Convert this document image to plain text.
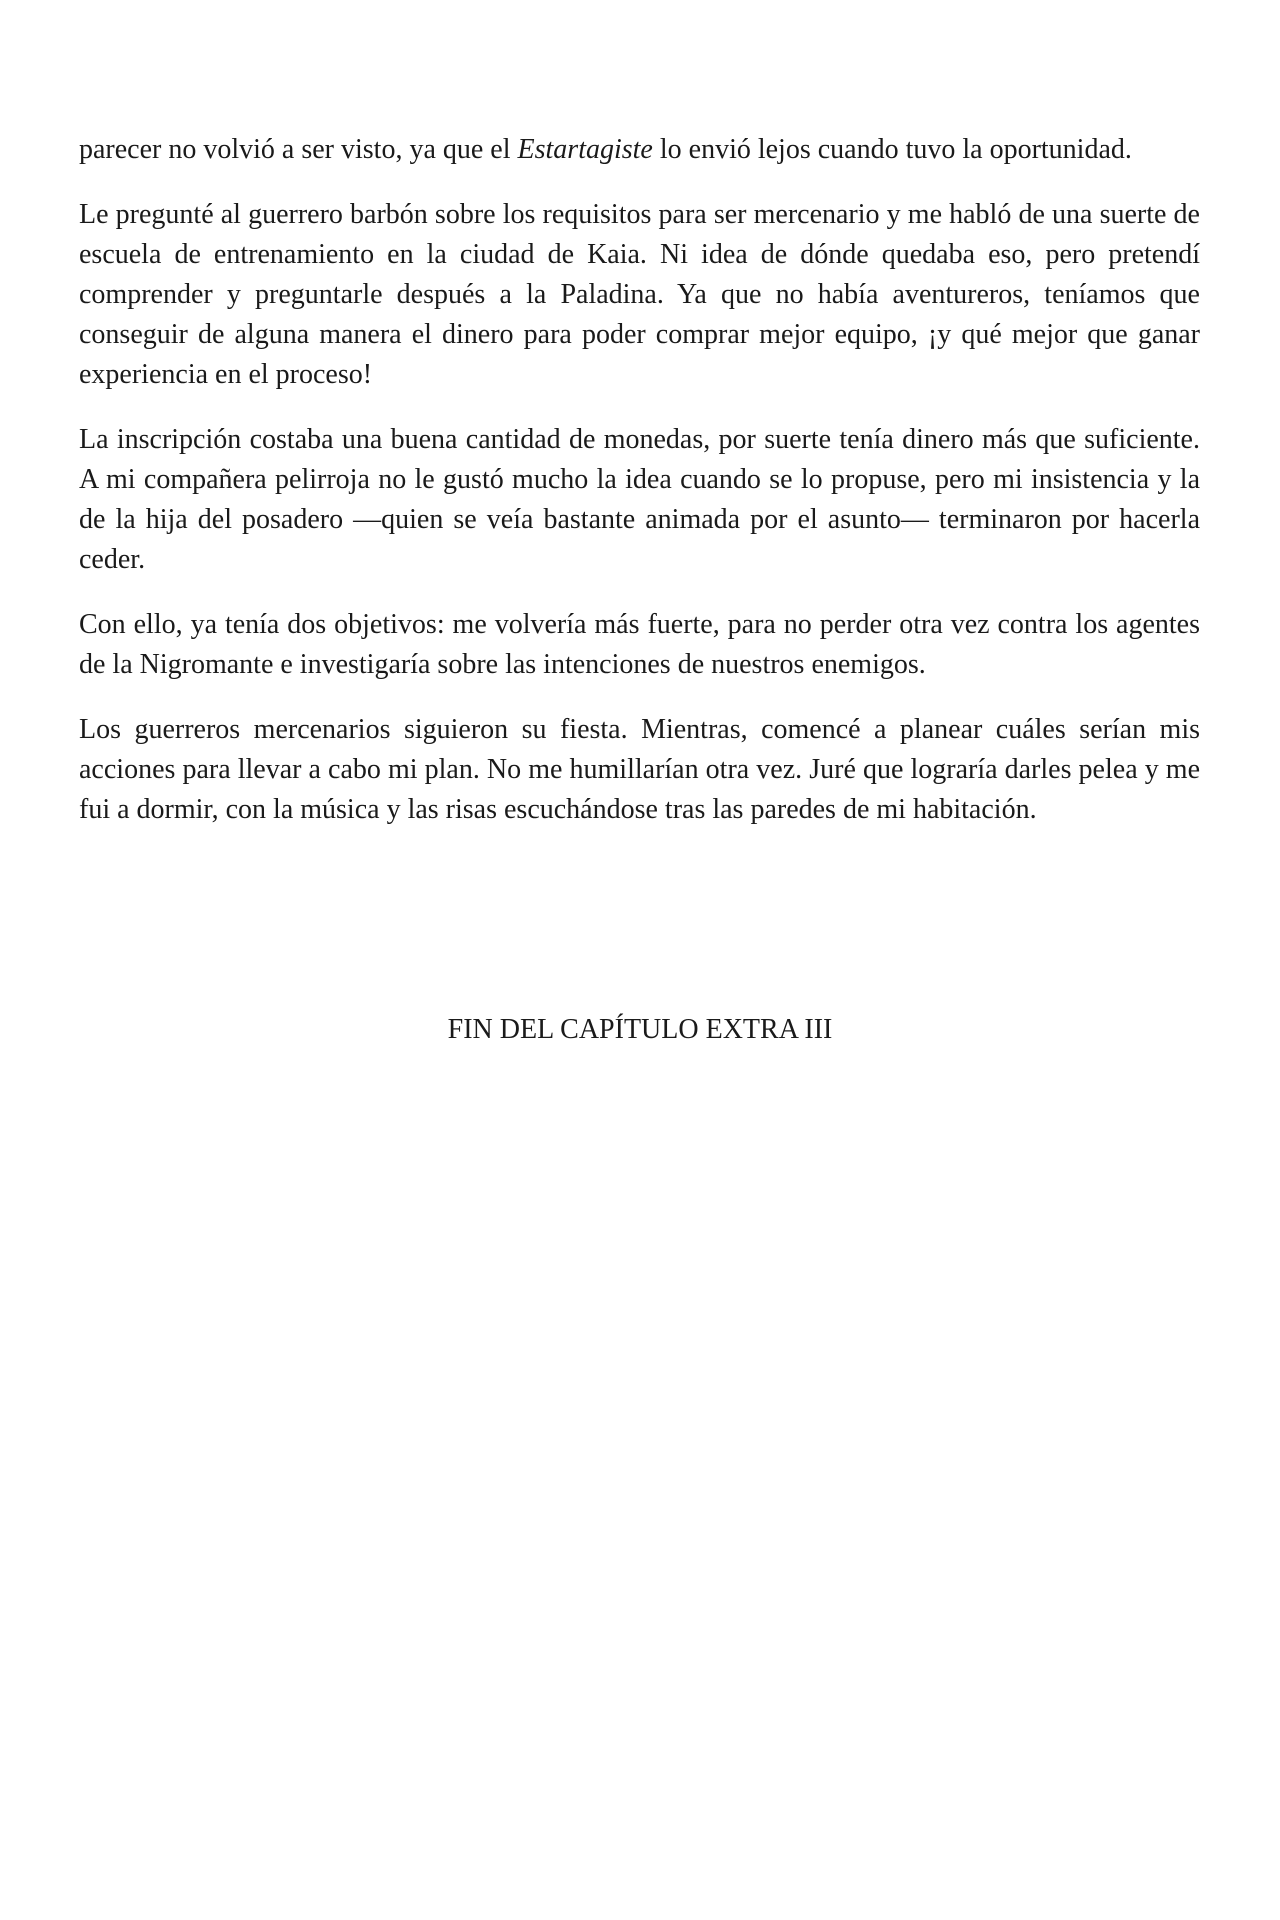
parecer no volvió a ser visto, ya que el Estartagiste lo envió lejos cuando tuvo la oportunidad.

Le pregunté al guerrero barbón sobre los requisitos para ser mercenario y me habló de una suerte de escuela de entrenamiento en la ciudad de Kaia. Ni idea de dónde quedaba eso, pero pretendí comprender y preguntarle después a la Paladina. Ya que no había aventureros, teníamos que conseguir de alguna manera el dinero para poder comprar mejor equipo, ¡y qué mejor que ganar experiencia en el proceso!

La inscripción costaba una buena cantidad de monedas, por suerte tenía dinero más que suficiente. A mi compañera pelirroja no le gustó mucho la idea cuando se lo propuse, pero mi insistencia y la de la hija del posadero —quien se veía bastante animada por el asunto— terminaron por hacerla ceder.

Con ello, ya tenía dos objetivos: me volvería más fuerte, para no perder otra vez contra los agentes de la Nigromante e investigaría sobre las intenciones de nuestros enemigos.

Los guerreros mercenarios siguieron su fiesta. Mientras, comencé a planear cuáles serían mis acciones para llevar a cabo mi plan. No me humillarían otra vez. Juré que lograría darles pelea y me fui a dormir, con la música y las risas escuchándose tras las paredes de mi habitación.

FIN DEL CAPÍTULO EXTRA III
